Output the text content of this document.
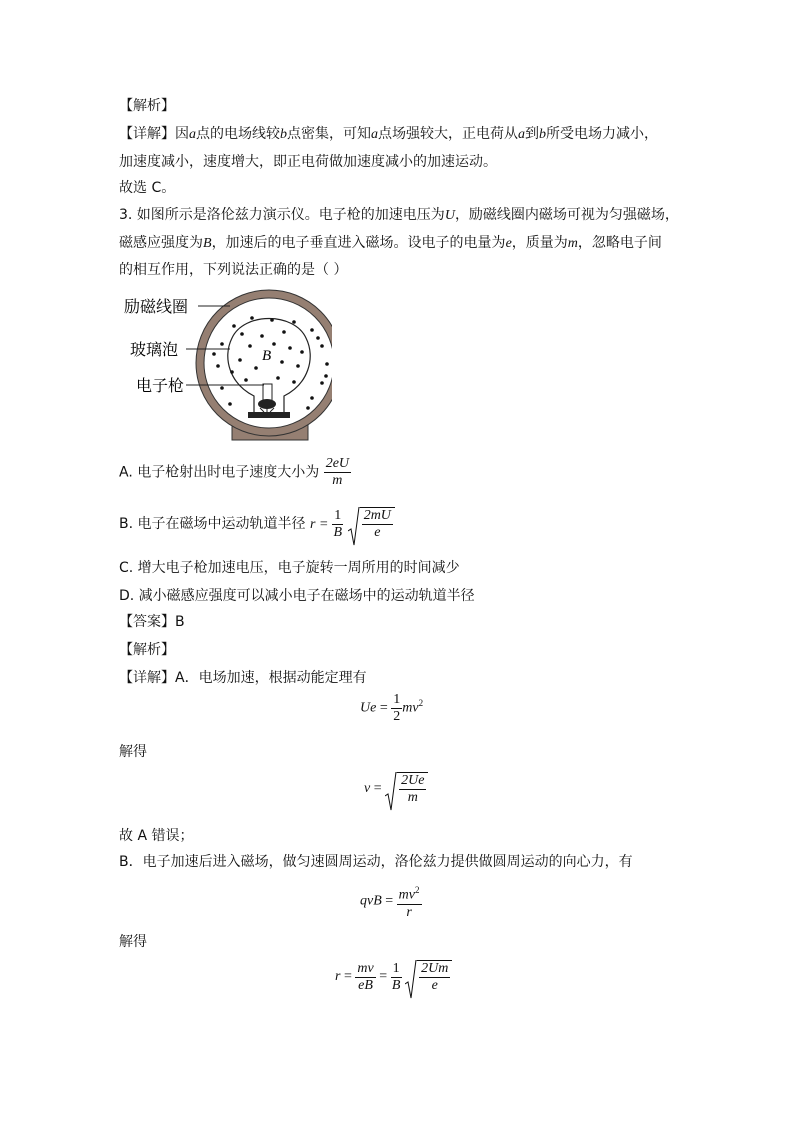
【解析】
【详解】因a点的电场线较b点密集，可知a点场强较大，正电荷从a到b所受电场力减小，
加速度减小，速度增大，即正电荷做加速度减小的加速运动。
故选 C。
3. 如图所示是洛伦兹力演示仪。电子枪的加速电压为U，励磁线圈内磁场可视为匀强磁场，
磁感应强度为B，加速后的电子垂直进入磁场。设电子的电量为e，质量为m，忽略电子间
的相互作用，下列说法正确的是（ ）
B
励磁线圈
玻璃泡
电子枪
A. 电子枪射出时电子速度大小为 $\frac{2eU}{m}$
B. 电子在磁场中运动轨道半径 $r = \frac{1}{B}$
$\frac{2mU}{e}$
C. 增大电子枪加速电压，电子旋转一周所用的时间减少
D. 减小磁感应强度可以减小电子在磁场中的运动轨道半径
【答案】B
【解析】
【详解】A．电场加速，根据动能定理有
$Ue = \frac{1}{2} mv^2$
解得
$v = \frac{2Ue}{m}$
故 A 错误；
B．电子加速后进入磁场，做匀速圆周运动，洛伦兹力提供做圆周运动的向心力，有
qvB = $\frac{mv^2}{r}$
解得
$r = \frac{mv}{eB} = \frac{1}{B}$
$\frac{2Um}{e}$
